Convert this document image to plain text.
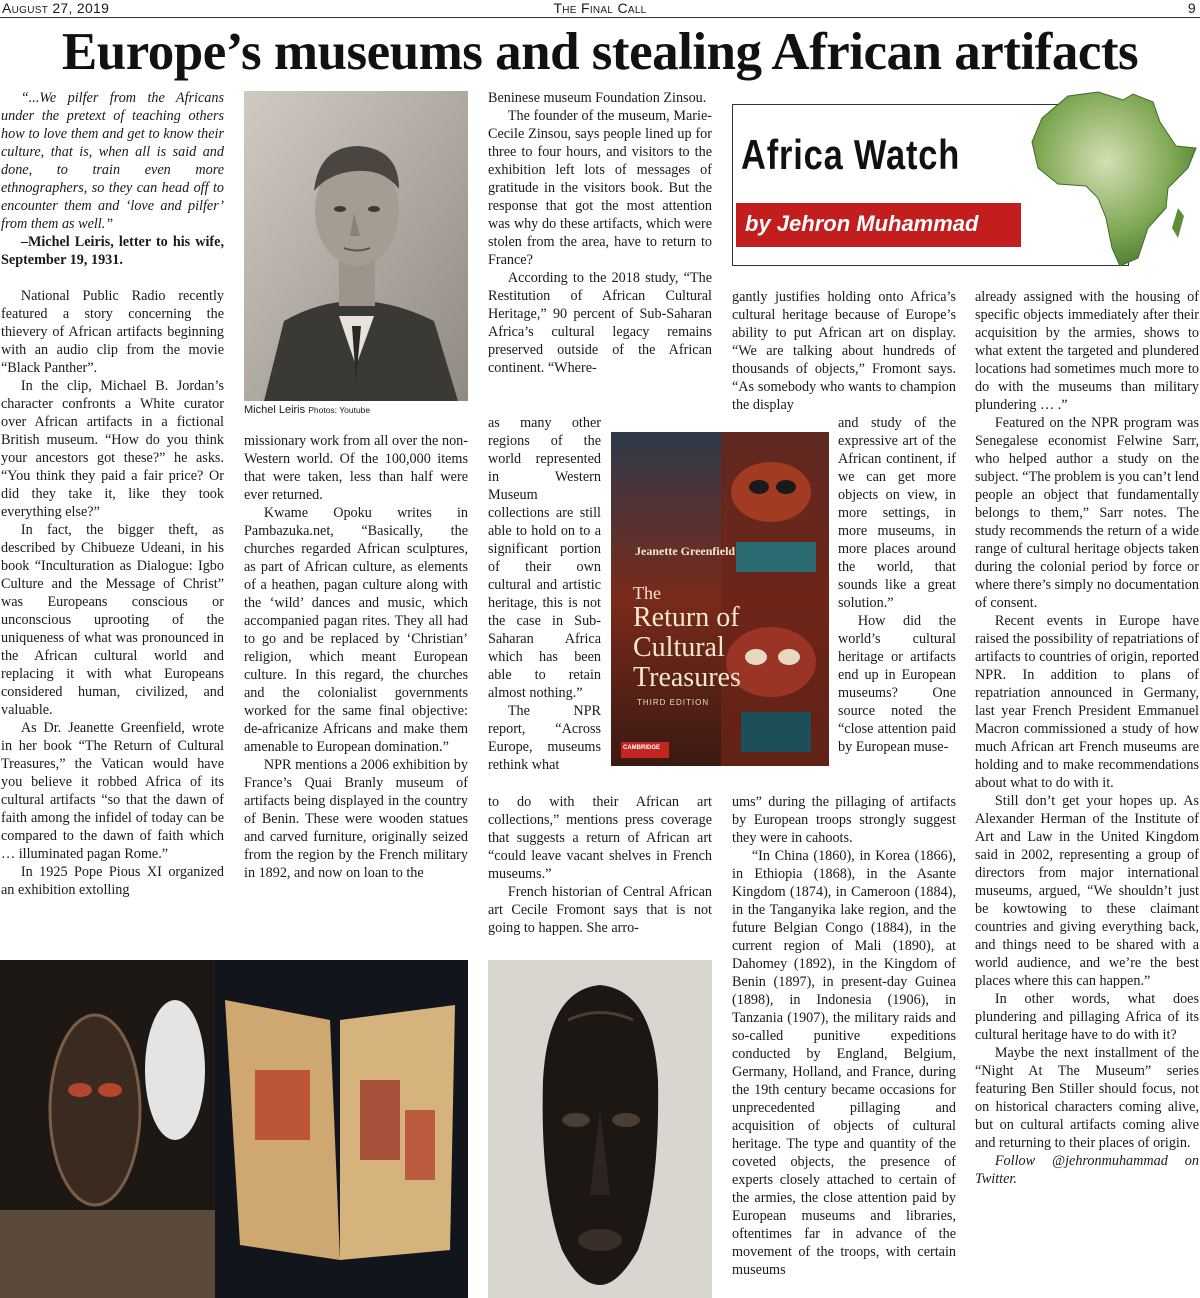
August 27, 2019	The Final Call	9
Europe’s museums and stealing African artifacts

“...We pilfer from the Africans under the pretext of teaching others how to love them and get to know their culture, that is, when all is said and done, to train even more ethnographers, so they can head off to encounter them and ‘love and pilfer’ from them as well.”

–Michel Leiris, letter to his wife, September 19, 1931.

National Public Radio recently featured a story concerning the thievery of African artifacts beginning with an audio clip from the movie “Black Panther”.

In the clip, Michael B. Jordan’s character confronts a White curator over African artifacts in a fictional British museum. “How do you think your ancestors got these?” he asks. “You think they paid a fair price? Or did they take it, like they took everything else?”

In fact, the bigger theft, as described by Chibueze Udeani, in his book “Inculturation as Dialogue: Igbo Culture and the Message of Christ” was Europeans conscious or unconscious uprooting of the uniqueness of what was pronounced in the African cultural world and replacing it with what Europeans considered human, civilized, and valuable.

As Dr. Jeanette Greenfield, wrote in her book “The Return of Cultural Treasures,” the Vatican would have you believe it robbed Africa of its cultural artifacts “so that the dawn of faith among the infidel of today can be compared to the dawn of faith which … illuminated pagan Rome.”

In 1925 Pope Pious XI organized an exhibition extolling

Michel Leiris Photos: Youtube

missionary work from all over the non-Western world. Of the 100,000 items that were taken, less than half were ever returned.

Kwame Opoku writes in Pambazuka.net, “Basically, the churches regarded African sculptures, as part of African culture, as elements of a heathen, pagan culture along with the ‘wild’ dances and music, which accompanied pagan rites. They all had to go and be replaced by ‘Christian’ religion, which meant European culture. In this regard, the churches and the colonialist governments worked for the same final objective: de-africanize Africans and make them amenable to European domination.”

NPR mentions a 2006 exhibition by France’s Quai Branly museum of artifacts being displayed in the country of Benin. These were wooden statues and carved furniture, originally seized from the region by the French military in 1892, and now on loan to the

Beninese museum Foundation Zinsou.

The founder of the museum, Marie-Cecile Zinsou, says people lined up for three to four hours, and visitors to the exhibition left lots of messages of gratitude in the visitors book. But the response that got the most attention was why do these artifacts, which were stolen from the area, have to return to France?

According to the 2018 study, “The Restitution of African Cultural Heritage,” 90 percent of Sub-Saharan Africa’s cultural legacy remains preserved outside of the African continent. “Where-

as many other regions of the world represented in Western Museum collections are still able to hold on to a significant portion of their own cultural and artistic heritage, this is not the case in Sub-Saharan Africa which has been able to retain almost nothing.”

The NPR report, “Across Europe, museums rethink what

to do with their African art collections,” mentions press coverage that suggests a return of African art “could leave vacant shelves in French museums.”

French historian of Central African art Cecile Fromont says that is not going to happen. She arro-

Jeanette Greenfield
The
Return of
Cultural
Treasures
THIRD EDITION
CAMBRIDGE
Africa Watch
by Jehron Muhammad

gantly justifies holding onto Africa’s cultural heritage because of Europe’s ability to put African art on display. “We are talking about hundreds of thousands of objects,” Fromont says. “As somebody who wants to champion the display

and study of the expressive art of the African continent, if we can get more objects on view, in more settings, in more museums, in more places around the world, that sounds like a great solution.”

How did the world’s cultural heritage or artifacts end up in European museums? One source noted the “close attention paid by European muse-

ums” during the pillaging of artifacts by European troops strongly suggest they were in cahoots.

“In China (1860), in Korea (1866), in Ethiopia (1868), in the Asante Kingdom (1874), in Cameroon (1884), in the Tanganyika lake region, and the future Belgian Congo (1884), in the current region of Mali (1890), at Dahomey (1892), in the Kingdom of Benin (1897), in present-day Guinea (1898), in Indonesia (1906), in Tanzania (1907), the military raids and so-called punitive expeditions conducted by England, Belgium, Germany, Holland, and France, during the 19th century became occasions for unprecedented pillaging and acquisition of objects of cultural heritage. The type and quantity of the coveted objects, the presence of experts closely attached to certain of the armies, the close attention paid by European museums and libraries, oftentimes far in advance of the movement of the troops, with certain museums

already assigned with the housing of specific objects immediately after their acquisition by the armies, shows to what extent the targeted and plundered locations had sometimes much more to do with the museums than military plundering … .”

Featured on the NPR program was Senegalese economist Felwine Sarr, who helped author a study on the subject. “The problem is you can’t lend people an object that fundamentally belongs to them,” Sarr notes. The study recommends the return of a wide range of cultural heritage objects taken during the colonial period by force or where there’s simply no documentation of consent.

Recent events in Europe have raised the possibility of repatriations of artifacts to countries of origin, reported NPR. In addition to plans of repatriation announced in Germany, last year French President Emmanuel Macron commissioned a study of how much African art French museums are holding and to make recommendations about what to do with it.

Still don’t get your hopes up. As Alexander Herman of the Institute of Art and Law in the United Kingdom said in 2002, representing a group of directors from major international museums, argued, “We shouldn’t just be kowtowing to these claimant countries and giving everything back, and things need to be shared with a world audience, and we’re the best places where this can happen.”

In other words, what does plundering and pillaging Africa of its cultural heritage have to do with it?

Maybe the next installment of the “Night At The Museum” series featuring Ben Stiller should focus, not on historical characters coming alive, but on cultural artifacts coming alive and returning to their places of origin.

Follow @jehronmuhammad on Twitter.
